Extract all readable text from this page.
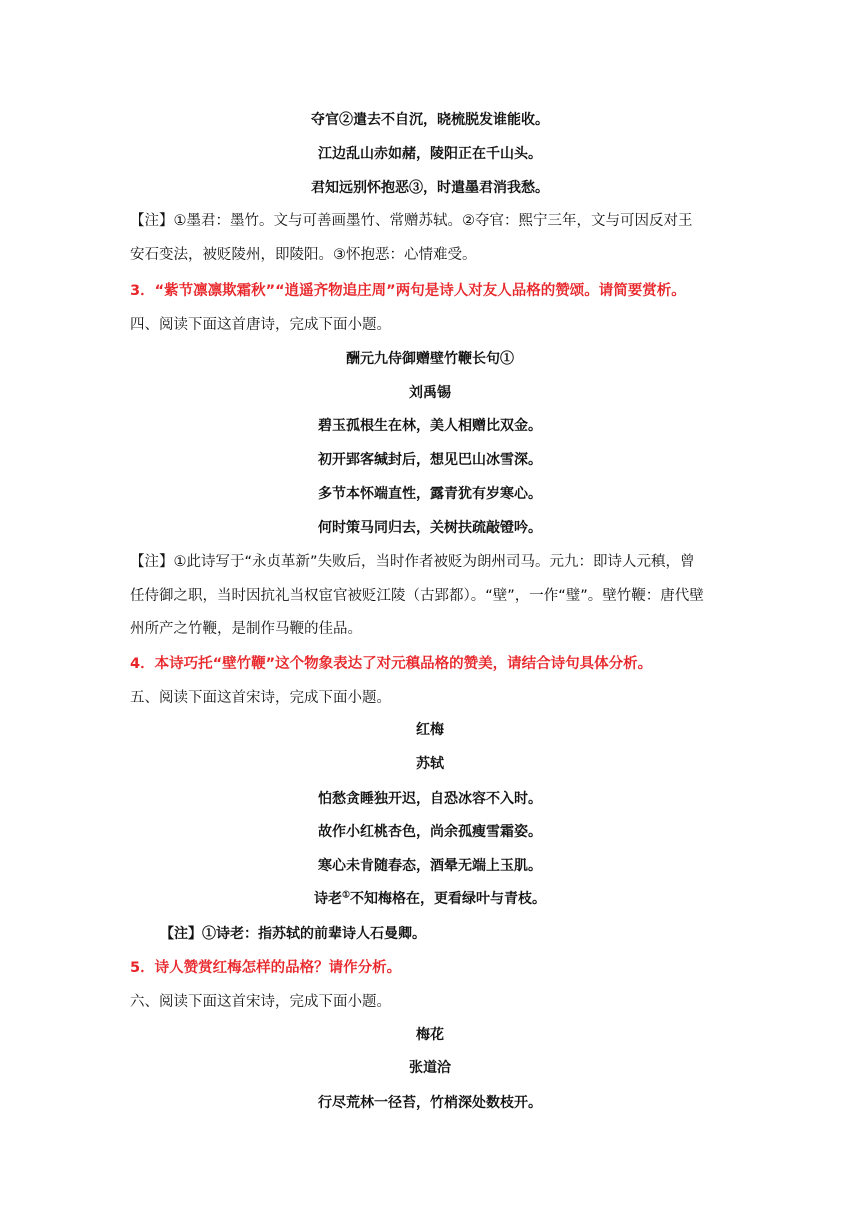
夺官②遣去不自沉，晓梳脱发谁能收。
江边乱山赤如赭，陵阳正在千山头。
君知远别怀抱恶③，时遣墨君消我愁。
【注】①墨君：墨竹。文与可善画墨竹、常赠苏轼。②夺官：熙宁三年，文与可因反对王
安石变法，被贬陵州，即陵阳。③怀抱恶：心情难受。
3．“紫节凛凛欺霜秋”“逍遥齐物追庄周”两句是诗人对友人品格的赞颂。请简要赏析。
四、阅读下面这首唐诗，完成下面小题。
酬元九侍御赠壁竹鞭长句①
刘禹锡
碧玉孤根生在林，美人相赠比双金。
初开郢客缄封后，想见巴山冰雪深。
多节本怀端直性，露青犹有岁寒心。
何时策马同归去，关树扶疏敲镫吟。
【注】①此诗写于“永贞革新”失败后，当时作者被贬为朗州司马。元九：即诗人元稹，曾
任侍御之职，当时因抗礼当权宦官被贬江陵（古郢都）。“壁”，一作“璧”。壁竹鞭：唐代壁
州所产之竹鞭，是制作马鞭的佳品。
4．本诗巧托“壁竹鞭”这个物象表达了对元稹品格的赞美，请结合诗句具体分析。
五、阅读下面这首宋诗，完成下面小题。
红梅
苏轼
怕愁贪睡独开迟，自恐冰容不入时。
故作小红桃杏色，尚余孤瘦雪霜姿。
寒心未肯随春态，酒晕无端上玉肌。
诗老①不知梅格在，更看绿叶与青枝。
【注】①诗老：指苏轼的前辈诗人石曼卿。
5．诗人赞赏红梅怎样的品格？请作分析。
六、阅读下面这首宋诗，完成下面小题。
梅花
张道洽
行尽荒林一径苔，竹梢深处数枝开。
